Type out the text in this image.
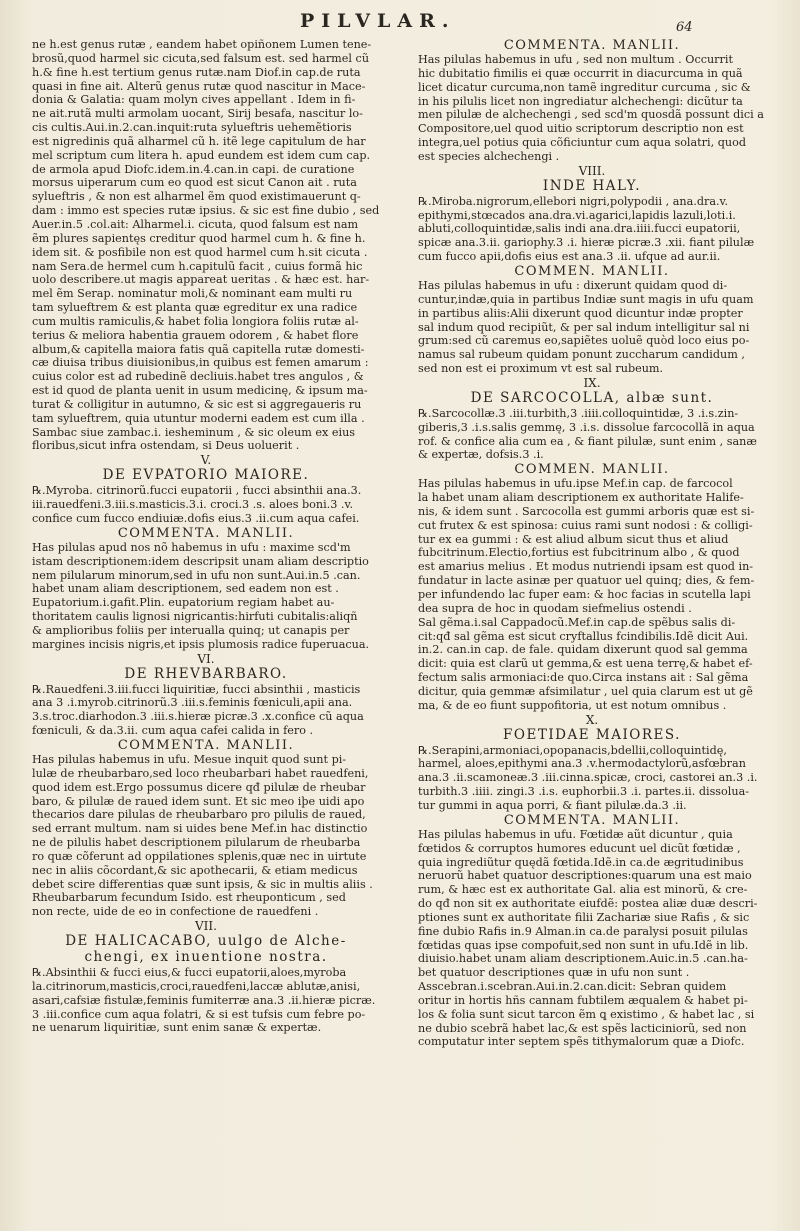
PILVLAR.	64
ne h.est genus rutæ , eandem habet opiñonem Lumen tene-
brosũ,quod harmel sic cicuta,sed falsum est. sed harmel cũ
h.& fine h.est tertium genus rutæ.nam Diof.in cap.de ruta
quasi in fine ait. Alterũ genus rutæ quod nascitur in Mace-
donia & Galatia: quam molyn cives appellant . Idem in fi-
ne ait.rutã multi armolam uocant, Sirij besafa, nascitur lo-
cis cultis.Aui.in.2.can.inquit:ruta sylueftris uehemẽtioris
est nigredinis quã alharmel cũ h. itẽ lege capitulum de har
mel scriptum cum litera h. apud eundem est idem cum cap.
de armola apud Diofc.idem.in.4.can.in capi. de curatione
morsus uiperarum cum eo quod est sicut Canon ait . ruta
sylueftris , & non est alharmel ẽm quod existimauerunt q-
dam : immo est species rutæ ipsius. & sic est fine dubio , sed
Auer.in.5 .col.ait: Alharmel.i. cicuta, quod falsum est nam
ẽm plures sapientęs creditur quod harmel cum h. & fine h.
idem sit. & posfibile non est quod harmel cum h.sit cicuta .
nam Sera.de hermel cum h.capitulũ facit , cuius formã hic
uolo describere.ut magis appareat ueritas . & hæc est. har-
mel ẽm Serap. nominatur moli,& nominant eam multi ru
tam sylueftrem & est planta quæ egreditur ex una radice
cum multis ramiculis,& habet folia longiora foliis rutæ al-
terius & meliora habentia grauem odorem , & habet flore
album,& capitella maiora fatis quã capitella rutæ domesti-
cæ diuisa tribus diuisionibus,in quibus est femen amarum :
cuius color est ad rubedinẽ decliuis.habet tres angulos , &
est id quod de planta uenit in usum medicinę, & ipsum ma-
turat & colligitur in autumno, & sic est si aggregaueris ru
tam sylueftrem, quia utuntur moderni eadem est cum illa .
Sambac siue zambac.i. iesheminum , & sic oleum ex eius
floribus,sicut infra ostendam, si Deus uoluerit .
V.
DE EVPATORIO MAIORE.
℞.Myroba. citrinorũ.fucci eupatorii , fucci absinthii ana.3.
iii.rauedfeni.3.iii.s.masticis.3.i. croci.3 .s. aloes boni.3 .v.
confice cum fucco endiuiæ.dofis eius.3 .ii.cum aqua cafei.
COMMENTA. MANLII.
Has pilulas apud nos nõ habemus in ufu : maxime scd'm
istam descriptionem:idem descripsit unam aliam descriptio
nem pilularum minorum,sed in ufu non sunt.Aui.in.5 .can.
habet unam aliam descriptionem, sed eadem non est .
Eupatorium.i.gafit.Plin. eupatorium regiam habet au-
thoritatem caulis lignosi nigricantis:hirfuti cubitalis:aliqñ
& amplioribus foliis per interualla quinq; ut canapis per
margines incisis nigris,et ipsis plumosis radice fuperuacua.
VI.
DE RHEVBARBARO.
℞.Rauedfeni.3.iii.fucci liquiritiæ, fucci absinthii , masticis
ana 3 .i.myrob.citrinorũ.3 .iii.s.feminis fœniculi,apii ana.
3.s.troc.diarhodon.3 .iii.s.hieræ picræ.3 .x.confice cũ aqua
fœniculi, & da.3.ii. cum aqua cafei calida in fero .
COMMENTA. MANLII.
Has pilulas habemus in ufu. Mesue inquit quod sunt pi-
lulæ de rheubarbaro,sed loco rheubarbari habet rauedfeni,
quod idem est.Ergo possumus dicere qđ pilulæ de rheubar
baro, & pilulæ de raued idem sunt. Et sic meo iþe uidi apo
thecarios dare pilulas de rheubarbaro pro pilulis de raued,
sed errant multum. nam si uides bene Mef.in hac distinctio
ne de pilulis habet descriptionem pilularum de rheubarba
ro quæ cõferunt ad oppilationes splenis,quæ nec in uirtute
nec in aliis cõcordant,& sic apothecarii, & etiam medicus
debet scire differentias quæ sunt ipsis, & sic in multis aliis .
Rheubarbarum fecundum Isido. est rheuponticum , sed
non recte, uide de eo in confectione de rauedfeni .
VII.
DE HALICACABO, uulgo de Alche-
chengi, ex inuentione nostra.
℞.Absinthii & fucci eius,& fucci eupatorii,aloes,myroba
la.citrinorum,masticis,croci,rauedfeni,laccæ ablutæ,anisi,
asari,cafsiæ fistulæ,feminis fumiterræ ana.3 .ii.hieræ picræ.
3 .iii.confice cum aqua folatri, & si est tufsis cum febre po-
ne uenarum liquiritiæ, sunt enim sanæ & expertæ.
COMMENTA. MANLII.
Has pilulas habemus in ufu , sed non multum . Occurrit
hic dubitatio fimilis ei quæ occurrit in diacurcuma in quã
licet dicatur curcuma,non tamẽ ingreditur curcuma , sic &
in his pilulis licet non ingrediatur alchechengi: dicũtur ta
men pilulæ de alchechengi , sed scd'm quosdã possunt dici a
Compositore,uel quod uitio scriptorum descriptio non est
integra,uel potius quia cõficiuntur cum aqua solatri, quod
est species alchechengi .
VIII.
INDE HALY.
℞.Miroba.nigrorum,ellebori nigri,polypodii , ana.dra.v.
epithymi,stœcados ana.dra.vi.agarici,lapidis lazuli,loti.i.
abluti,colloquintidæ,salis indi ana.dra.iiii.fucci eupatorii,
spicæ ana.3.ii. gariophy.3 .i. hieræ picræ.3 .xii. fiant pilulæ
cum fucco apii,dofis eius est ana.3 .ii. ufque ad aur.ii.
COMMEN. MANLII.
Has pilulas habemus in ufu : dixerunt quidam quod di-
cuntur,indæ,quia in partibus Indiæ sunt magis in ufu quam
in partibus aliis:Alii dixerunt quod dicuntur indæ propter
sal indum quod recipiũt, & per sal indum intelligitur sal ni
grum:sed cũ caremus eo,sapiẽtes uoluẽ quòd loco eius po-
namus sal rubeum quidam ponunt zuccharum candidum ,
sed non est ei proximum vt est sal rubeum.
IX.
DE SARCOCOLLA, albæ sunt.
℞.Sarcocollæ.3 .iii.turbith,3 .iiii.colloquintidæ, 3 .i.s.zin-
giberis,3 .i.s.salis gemmę, 3 .i.s. dissolue farcocollã in aqua
rof. & confice alia cum ea , & fiant pilulæ, sunt enim , sanæ
& expertæ, dofsis.3 .i.
COMMEN. MANLII.
Has pilulas habemus in ufu.ipse Mef.in cap. de farcocol
la habet unam aliam descriptionem ex authoritate Halife-
nis, & idem sunt . Sarcocolla est gummi arboris quæ est si-
cut frutex & est spinosa: cuius rami sunt nodosi : & colligi-
tur ex ea gummi : & est aliud album sicut thus et aliud
fubcitrinum.Electio,fortius est fubcitrinum albo , & quod
est amarius melius . Et modus nutriendi ipsam est quod in-
fundatur in lacte asinæ per quatuor uel quinq; dies, & fem-
per infundendo lac fuper eam: & hoc facias in scutella lapi
dea supra de hoc in quodam siefmelius ostendi .
Sal gẽma.i.sal Cappadocũ.Mef.in cap.de spẽbus salis di-
cit:qđ sal gẽma est sicut cryftallus fcindibilis.Idẽ dicit Aui.
in.2. can.in cap. de fale. quidam dixerunt quod sal gemma
dicit: quia est clarũ ut gemma,& est uena terrę,& habet ef-
fectum salis armoniaci:de quo.Circa instans ait : Sal gẽma
dicitur, quia gemmæ afsimilatur , uel quia clarum est ut gẽ
ma, & de eo fiunt suppofitoria, ut est notum omnibus .
X.
FOETIDAE MAIORES.
℞.Serapini,armoniaci,opopanacis,bdellii,colloquintidę,
harmel, aloes,epithymi ana.3 .v.hermodactylorũ,asfœbran
ana.3 .ii.scamoneæ.3 .iii.cinna.spicæ, croci, castorei an.3 .i.
turbith.3 .iiii. zingi.3 .i.s. euphorbii.3 .i. partes.ii. dissolua-
tur gummi in aqua porri, & fiant pilulæ.da.3 .ii.
COMMENTA. MANLII.
Has pilulas habemus in ufu. Fœtidæ aũt dicuntur , quia
fœtidos & corruptos humores educunt uel dicũt fœtidæ ,
quia ingrediũtur quędã fœtida.Idẽ.in ca.de ægritudinibus
neruorũ habet quatuor descriptiones:quarum una est maio
rum, & hæc est ex authoritate Gal. alia est minorũ, & cre-
do qđ non sit ex authoritate eiufdẽ: postea aliæ duæ descri-
ptiones sunt ex authoritate filii Zachariæ siue Rafis , & sic
fine dubio Rafis in.9 Alman.in ca.de paralysi posuit pilulas
fœtidas quas ipse compofuit,sed non sunt in ufu.Idẽ in lib.
diuisio.habet unam aliam descriptionem.Auic.in.5 .can.ha-
bet quatuor descriptiones quæ in ufu non sunt .
Asscebran.i.scebran.Aui.in.2.can.dicit: Sebran quidem
oritur in hortis hñs cannam fubtilem æqualem & habet pi-
los & folia sunt sicut tarcon ẽm ꝗ existimo , & habet lac , si
ne dubio scebrã habet lac,& est spẽs lacticiniorũ, sed non
computatur inter septem spẽs tithymalorum quæ a Diofc.
